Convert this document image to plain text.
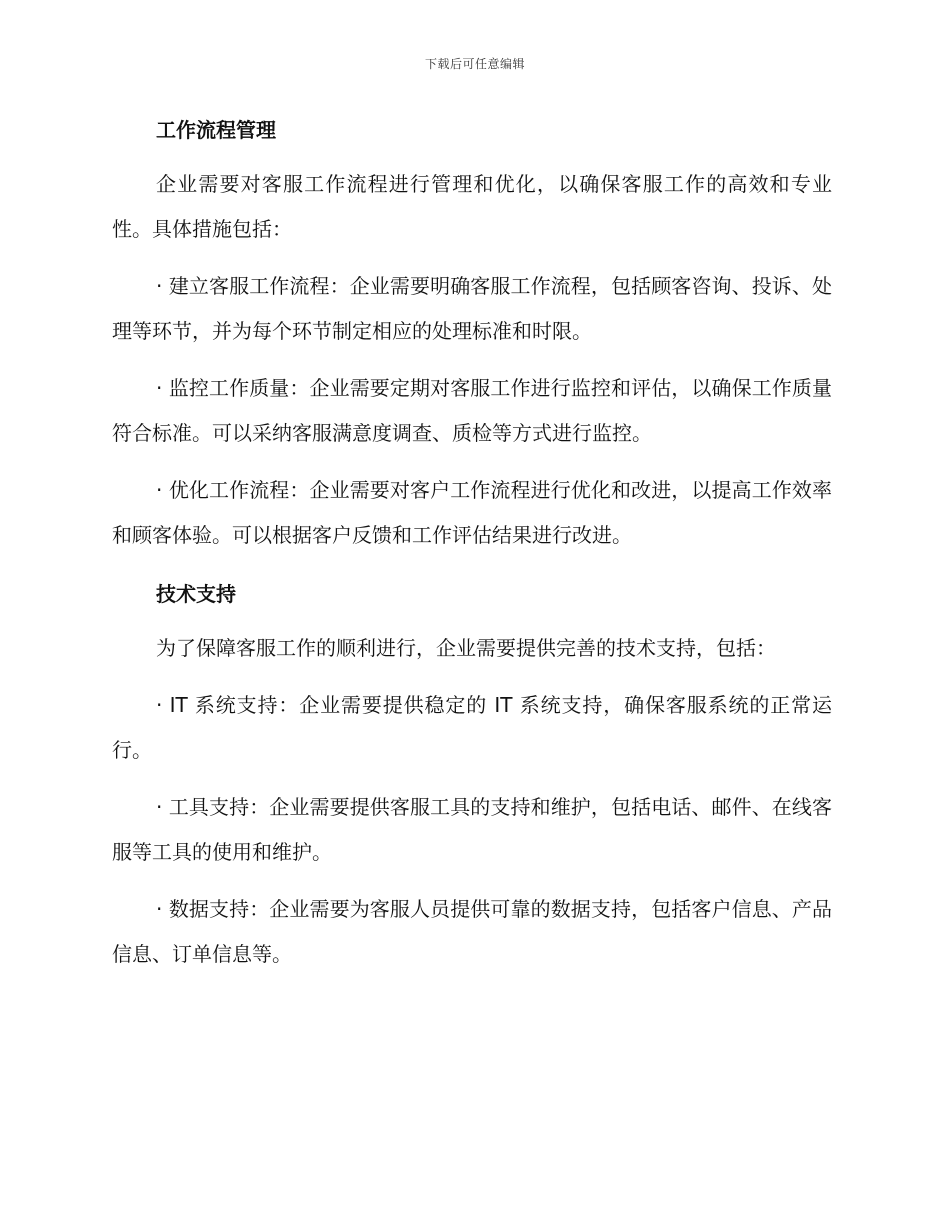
下载后可任意编辑
工作流程管理

企业需要对客服工作流程进行管理和优化，以确保客服工作的高效和专业性。具体措施包括：

· 建立客服工作流程：企业需要明确客服工作流程，包括顾客咨询、投诉、处理等环节，并为每个环节制定相应的处理标准和时限。

· 监控工作质量：企业需要定期对客服工作进行监控和评估，以确保工作质量符合标准。可以采纳客服满意度调查、质检等方式进行监控。

· 优化工作流程：企业需要对客户工作流程进行优化和改进，以提高工作效率和顾客体验。可以根据客户反馈和工作评估结果进行改进。

技术支持

为了保障客服工作的顺利进行，企业需要提供完善的技术支持，包括：

· IT 系统支持：企业需要提供稳定的 IT 系统支持，确保客服系统的正常运行。

· 工具支持：企业需要提供客服工具的支持和维护，包括电话、邮件、在线客服等工具的使用和维护。

· 数据支持：企业需要为客服人员提供可靠的数据支持，包括客户信息、产品信息、订单信息等。
